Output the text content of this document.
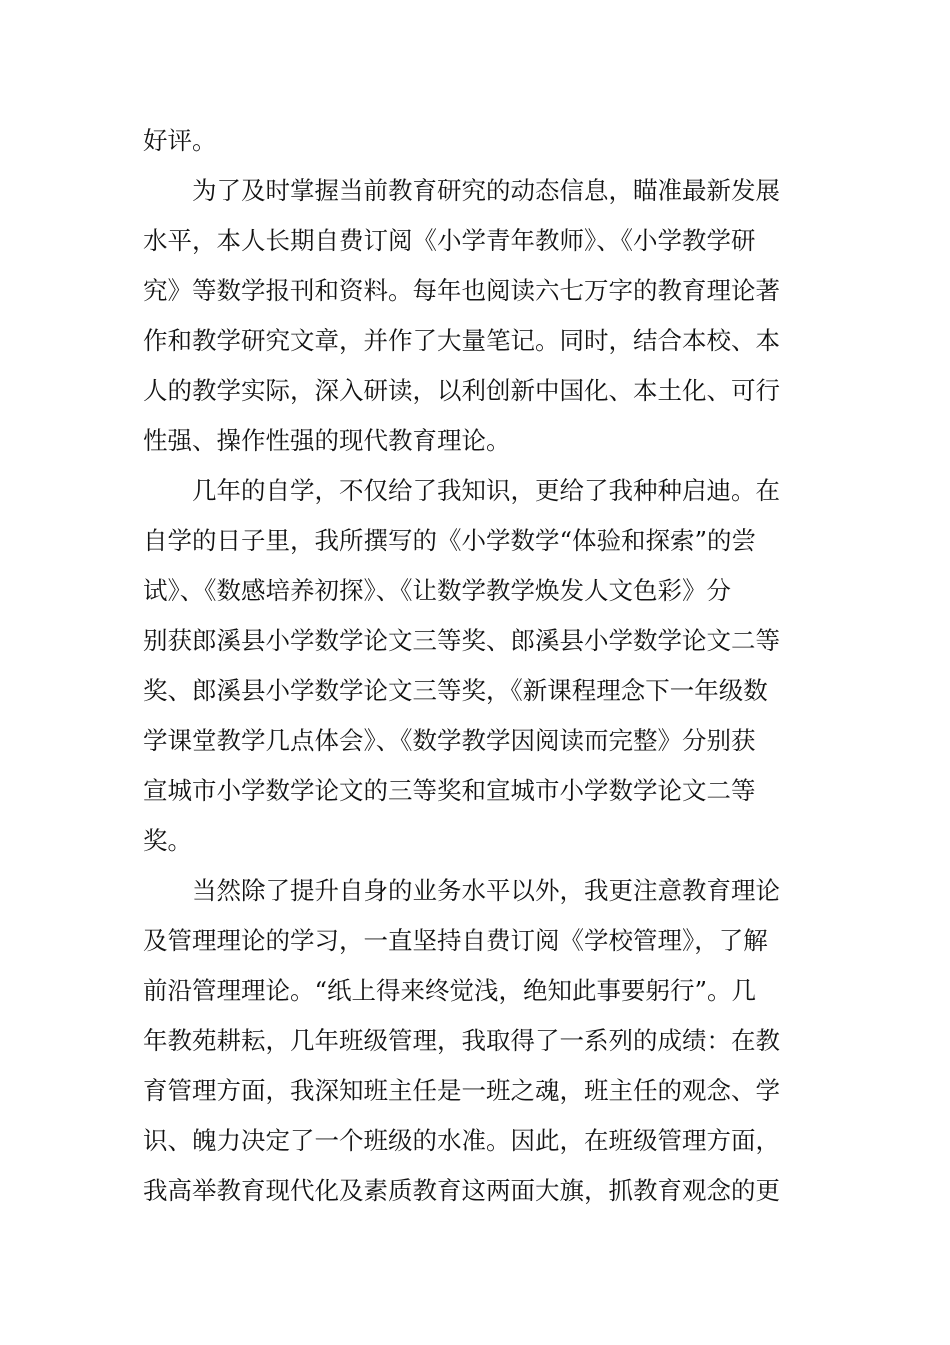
好评。
为了及时掌握当前教育研究的动态信息，瞄准最新发展
水平，本人长期自费订阅《小学青年教师》、《小学教学研
究》等数学报刊和资料。每年也阅读六七万字的教育理论著
作和教学研究文章，并作了大量笔记。同时，结合本校、本
人的教学实际，深入研读，以利创新中国化、本土化、可行
性强、操作性强的现代教育理论。
几年的自学，不仅给了我知识，更给了我种种启迪。在
自学的日子里，我所撰写的《小学数学“体验和探索”的尝
试》、《数感培养初探》、《让数学教学焕发人文色彩》分
别获郎溪县小学数学论文三等奖、郎溪县小学数学论文二等
奖、郎溪县小学数学论文三等奖，《新课程理念下一年级数
学课堂教学几点体会》、《数学教学因阅读而完整》分别获
宣城市小学数学论文的三等奖和宣城市小学数学论文二等
奖。
当然除了提升自身的业务水平以外，我更注意教育理论
及管理理论的学习，一直坚持自费订阅《学校管理》，了解
前沿管理理论。“纸上得来终觉浅，绝知此事要躬行”。几
年教苑耕耘，几年班级管理，我取得了一系列的成绩：在教
育管理方面，我深知班主任是一班之魂，班主任的观念、学
识、魄力决定了一个班级的水准。因此，在班级管理方面，
我高举教育现代化及素质教育这两面大旗，抓教育观念的更
